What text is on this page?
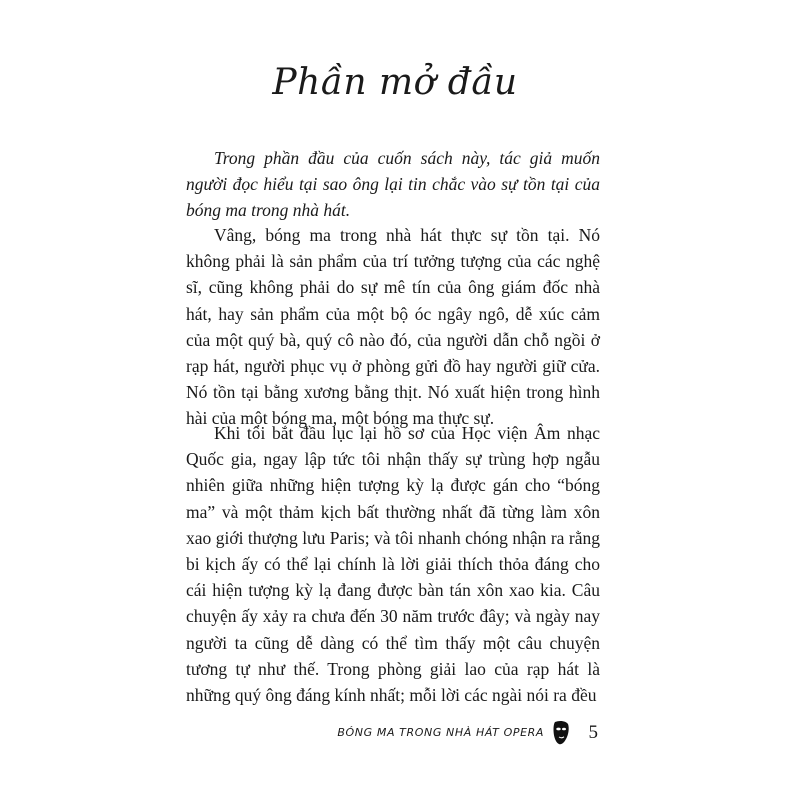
Phần mở đầu

Trong phần đầu của cuốn sách này, tác giả muốn người đọc hiểu tại sao ông lại tin chắc vào sự tồn tại của bóng ma trong nhà hát.

Vâng, bóng ma trong nhà hát thực sự tồn tại. Nó không phải là sản phẩm của trí tưởng tượng của các nghệ sĩ, cũng không phải do sự mê tín của ông giám đốc nhà hát, hay sản phẩm của một bộ óc ngây ngô, dễ xúc cảm của một quý bà, quý cô nào đó, của người dẫn chỗ ngồi ở rạp hát, người phục vụ ở phòng gửi đồ hay người giữ cửa. Nó tồn tại bằng xương bằng thịt. Nó xuất hiện trong hình hài của một bóng ma, một bóng ma thực sự.

Khi tôi bắt đầu lục lại hồ sơ của Học viện Âm nhạc Quốc gia, ngay lập tức tôi nhận thấy sự trùng hợp ngẫu nhiên giữa những hiện tượng kỳ lạ được gán cho “bóng ma” và một thảm kịch bất thường nhất đã từng làm xôn xao giới thượng lưu Paris; và tôi nhanh chóng nhận ra rằng bi kịch ấy có thể lại chính là lời giải thích thỏa đáng cho cái hiện tượng kỳ lạ đang được bàn tán xôn xao kia. Câu chuyện ấy xảy ra chưa đến 30 năm trước đây; và ngày nay người ta cũng dễ dàng có thể tìm thấy một câu chuyện tương tự như thế. Trong phòng giải lao của rạp hát là những quý ông đáng kính nhất; mỗi lời các ngài nói ra đều

BÓNG MA TRONG NHÀ HÁT OPERA 5
